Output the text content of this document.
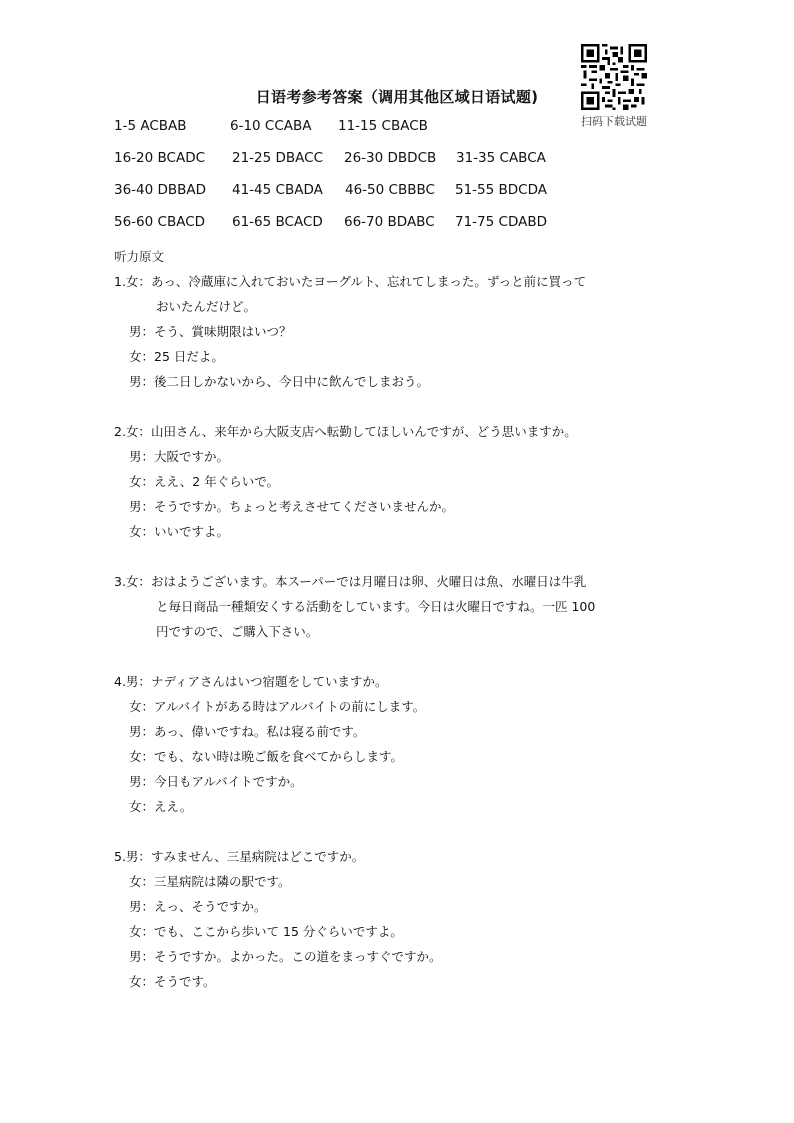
扫码下载试题
日语考参考答案（调用其他区域日语试题)
1-5 ACBAB	6-10 CCABA 11-15 CBACB
16-20 BCADC 21-25 DBACC 26-30 DBDCB 31-35 CABCA
36-40 DBBAD 41-45 CBADA 46-50 CBBBC 51-55 BDCDA
56-60 CBACD 61-65 BCACD 66-70 BDABC 71-75 CDABD
听力原文
1.女：あっ、冷蔵庫に入れておいたヨーグルト、忘れてしまった。ずっと前に買って
おいたんだけど。
男：そう、賞味期限はいつ？
女：25 日だよ。
男：後二日しかないから、今日中に飲んでしまおう。
2.女：山田さん、来年から大阪支店へ転勤してほしいんですが、どう思いますか。
男：大阪ですか。
女：ええ、2 年ぐらいで。
男：そうですか。ちょっと考えさせてくださいませんか。
女：いいですよ。
3.女：おはようございます。本スーパーでは月曜日は卵、火曜日は魚、水曜日は牛乳
と毎日商品一種類安くする活動をしています。今日は火曜日ですね。一匹 100
円ですので、ご購入下さい。
4.男：ナディアさんはいつ宿題をしていますか。
女：アルバイトがある時はアルバイトの前にします。
男：あっ、偉いですね。私は寝る前です。
女：でも、ない時は晩ご飯を食べてからします。
男：今日もアルバイトですか。
女：ええ。
5.男：すみません、三星病院はどこですか。
女：三星病院は隣の駅です。
男：えっ、そうですか。
女：でも、ここから歩いて 15 分ぐらいですよ。
男：そうですか。よかった。この道をまっすぐですか。
女：そうです。
